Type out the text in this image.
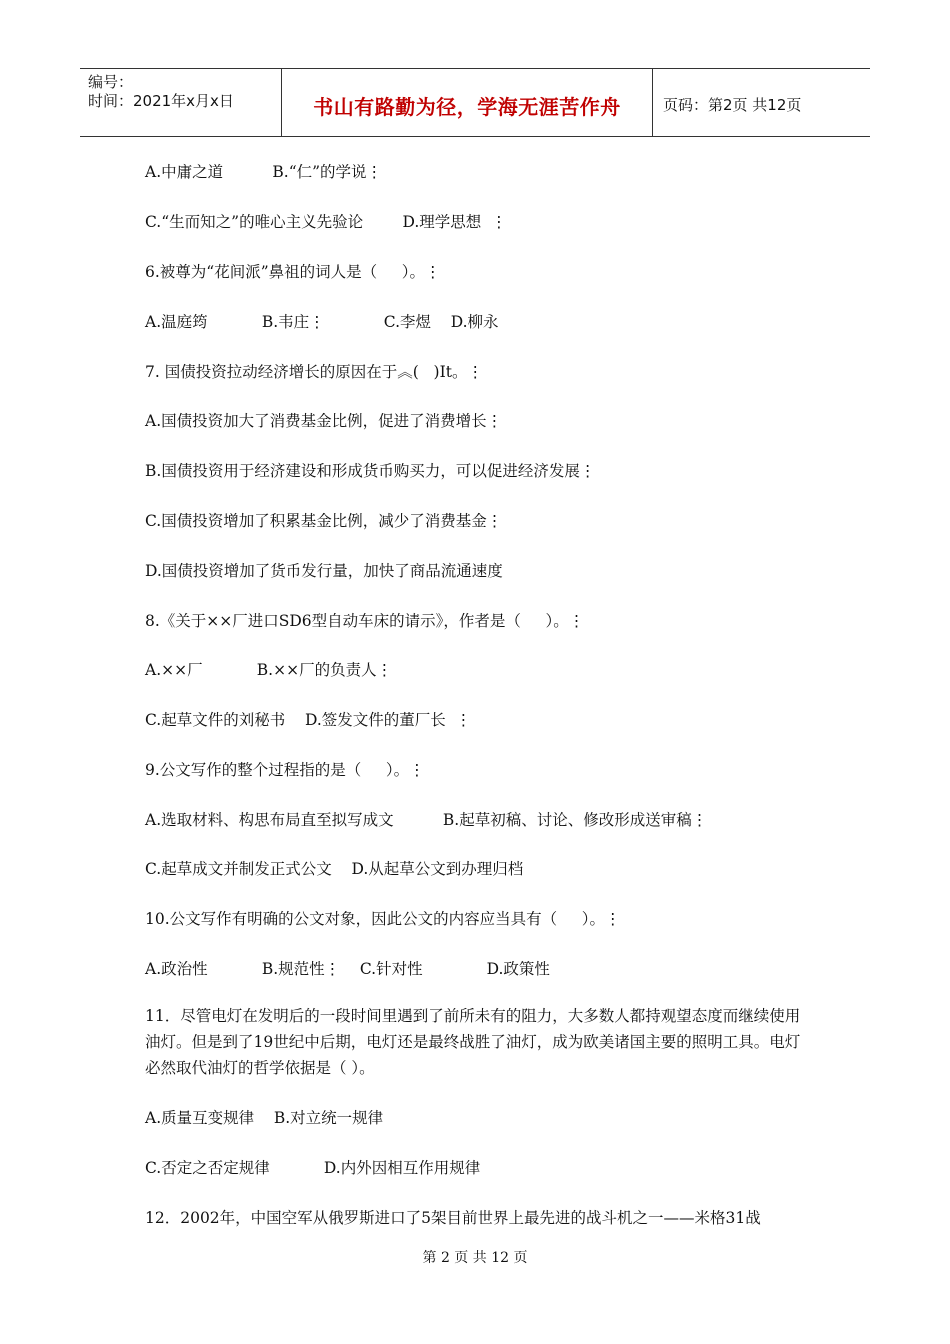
编号：
时间：2021年x月x日	书山有路勤为径，学海无涯苦作舟	页码：第2页 共12页
A.中庸之道          B.“仁”的学说⋮
C.“生而知之”的唯心主义先验论        D.理学思想  ⋮
6.被尊为“花间派”鼻祖的词人是（     ）。⋮
A.温庭筠           B.韦庄⋮            C.李煜    D.柳永
7. 国债投资拉动经济增长的原因在于︽(   )Ⅰt。⋮
A.国债投资加大了消费基金比例，促进了消费增长⋮
B.国债投资用于经济建设和形成货币购买力，可以促进经济发展⋮
C.国债投资增加了积累基金比例，减少了消费基金⋮
D.国债投资增加了货币发行量，加快了商品流通速度
8.《关于××厂进口SD6型自动车床的请示》，作者是（     ）。⋮
A.××厂           B.××厂的负责人⋮
C.起草文件的刘秘书    D.签发文件的董厂长  ⋮
9.公文写作的整个过程指的是（     ）。⋮
A.选取材料、构思布局直至拟写成文          B.起草初稿、讨论、修改形成送审稿⋮
C.起草成文并制发正式公文    D.从起草公文到办理归档
10.公文写作有明确的公文对象，因此公文的内容应当具有（     ）。⋮
A.政治性           B.规范性⋮    C.针对性             D.政策性
11．尽管电灯在发明后的一段时间里遇到了前所未有的阻力，大多数人都持观望态度而继续使用油灯。但是到了19世纪中后期，电灯还是最终战胜了油灯，成为欧美诸国主要的照明工具。电灯必然取代油灯的哲学依据是（ ）。
A.质量互变规律    B.对立统一规律
C.否定之否定规律           D.内外因相互作用规律
12．2002年，中国空军从俄罗斯进口了5架目前世界上最先进的战斗机之一——米格31战
第 2 页 共 12 页
